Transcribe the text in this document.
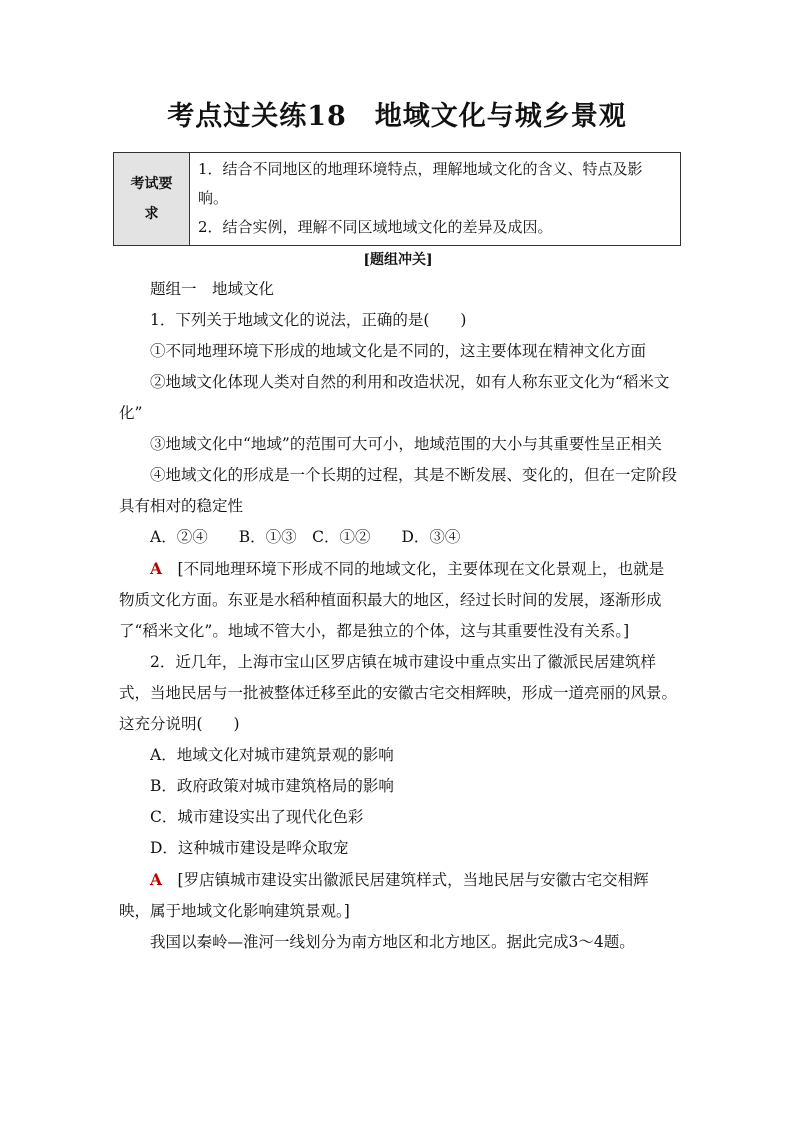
考点过关练18　地域文化与城乡景观
考试要求

1．结合不同地区的地理环境特点，理解地域文化的含义、特点及影响。

2．结合实例，理解不同区域地域文化的差异及成因。

[题组冲关]

题组一　地域文化

1．下列关于地域文化的说法，正确的是(　　)

①不同地理环境下形成的地域文化是不同的，这主要体现在精神文化方面

②地域文化体现人类对自然的利用和改造状况，如有人称东亚文化为“稻米文化”

③地域文化中“地域”的范围可大可小，地域范围的大小与其重要性呈正相关

④地域文化的形成是一个长期的过程，其是不断发展、变化的，但在一定阶段具有相对的稳定性

A．②④　　B．①③　C．①②　　D．③④

A　 [不同地理环境下形成不同的地域文化，主要体现在文化景观上，也就是物质文化方面。东亚是水稻种植面积最大的地区，经过长时间的发展，逐渐形成了“稻米文化”。地域不管大小，都是独立的个体，这与其重要性没有关系。]

2．近几年，上海市宝山区罗店镇在城市建设中重点实出了徽派民居建筑样式，当地民居与一批被整体迁移至此的安徽古宅交相辉映，形成一道亮丽的风景。这充分说明(　　)

A．地域文化对城市建筑景观的影响

B．政府政策对城市建筑格局的影响

C．城市建设实出了现代化色彩

D．这种城市建设是哗众取宠

A　 [罗店镇城市建设实出徽派民居建筑样式，当地民居与安徽古宅交相辉映，属于地域文化影响建筑景观。]

我国以秦岭—淮河一线划分为南方地区和北方地区。据此完成3～4题。
